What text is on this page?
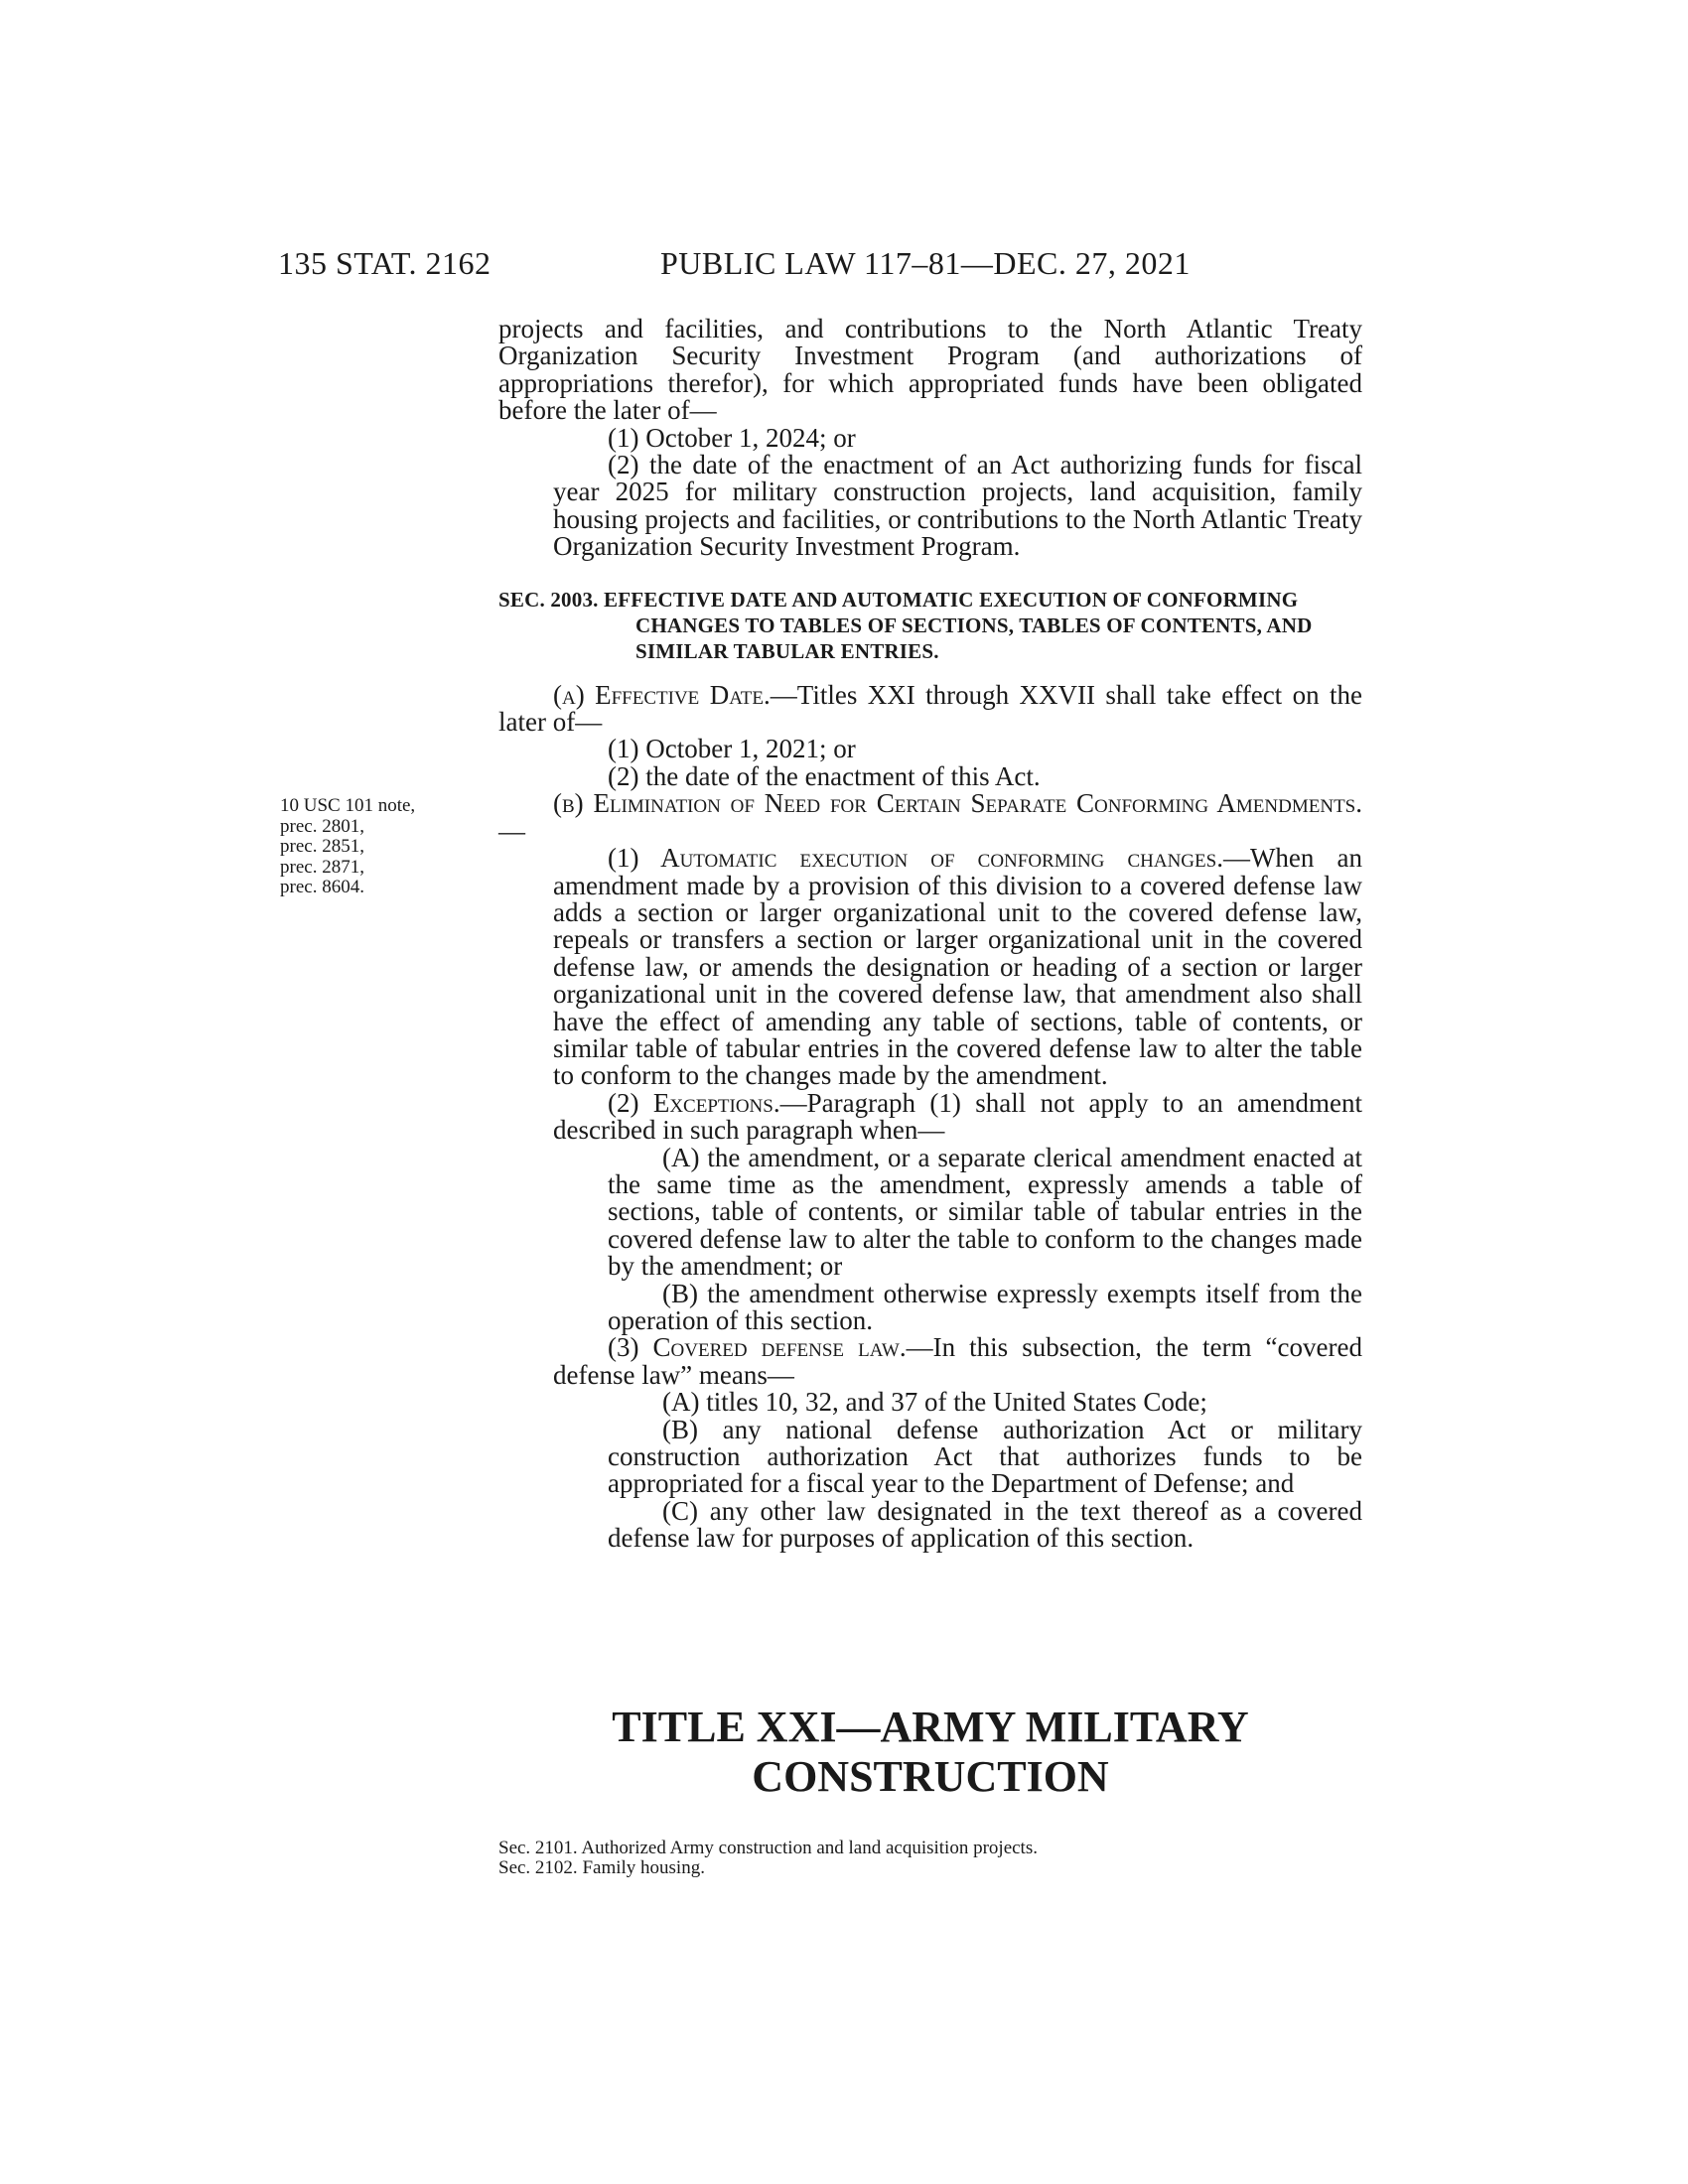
135 STAT. 2162	PUBLIC LAW 117–81—DEC. 27, 2021
10 USC 101 note,
prec. 2801,
prec. 2851,
prec. 2871,
prec. 8604.

projects and facilities, and contributions to the North Atlantic Treaty Organization Security Investment Program (and authorizations of appropriations therefor), for which appropriated funds have been obligated before the later of—

(1) October 1, 2024; or

(2) the date of the enactment of an Act authorizing funds for fiscal year 2025 for military construction projects, land acquisition, family housing projects and facilities, or contributions to the North Atlantic Treaty Organization Security Investment Program.

SEC. 2003. EFFECTIVE DATE AND AUTOMATIC EXECUTION OF CONFORMING CHANGES TO TABLES OF SECTIONS, TABLES OF CONTENTS, AND SIMILAR TABULAR ENTRIES.

(a) Effective Date.—Titles XXI through XXVII shall take effect on the later of—

(1) October 1, 2021; or

(2) the date of the enactment of this Act.

(b) Elimination of Need for Certain Separate Conforming Amendments.—

(1) Automatic execution of conforming changes.—When an amendment made by a provision of this division to a covered defense law adds a section or larger organizational unit to the covered defense law, repeals or transfers a section or larger organizational unit in the covered defense law, or amends the designation or heading of a section or larger organizational unit in the covered defense law, that amendment also shall have the effect of amending any table of sections, table of contents, or similar table of tabular entries in the covered defense law to alter the table to conform to the changes made by the amendment.

(2) Exceptions.—Paragraph (1) shall not apply to an amendment described in such paragraph when—

(A) the amendment, or a separate clerical amendment enacted at the same time as the amendment, expressly amends a table of sections, table of contents, or similar table of tabular entries in the covered defense law to alter the table to conform to the changes made by the amendment; or

(B) the amendment otherwise expressly exempts itself from the operation of this section.

(3) Covered defense law.—In this subsection, the term “covered defense law” means—

(A) titles 10, 32, and 37 of the United States Code;

(B) any national defense authorization Act or military construction authorization Act that authorizes funds to be appropriated for a fiscal year to the Department of Defense; and

(C) any other law designated in the text thereof as a covered defense law for purposes of application of this section.

TITLE XXI—ARMY MILITARY
CONSTRUCTION
Sec. 2101. Authorized Army construction and land acquisition projects.
Sec. 2102. Family housing.
